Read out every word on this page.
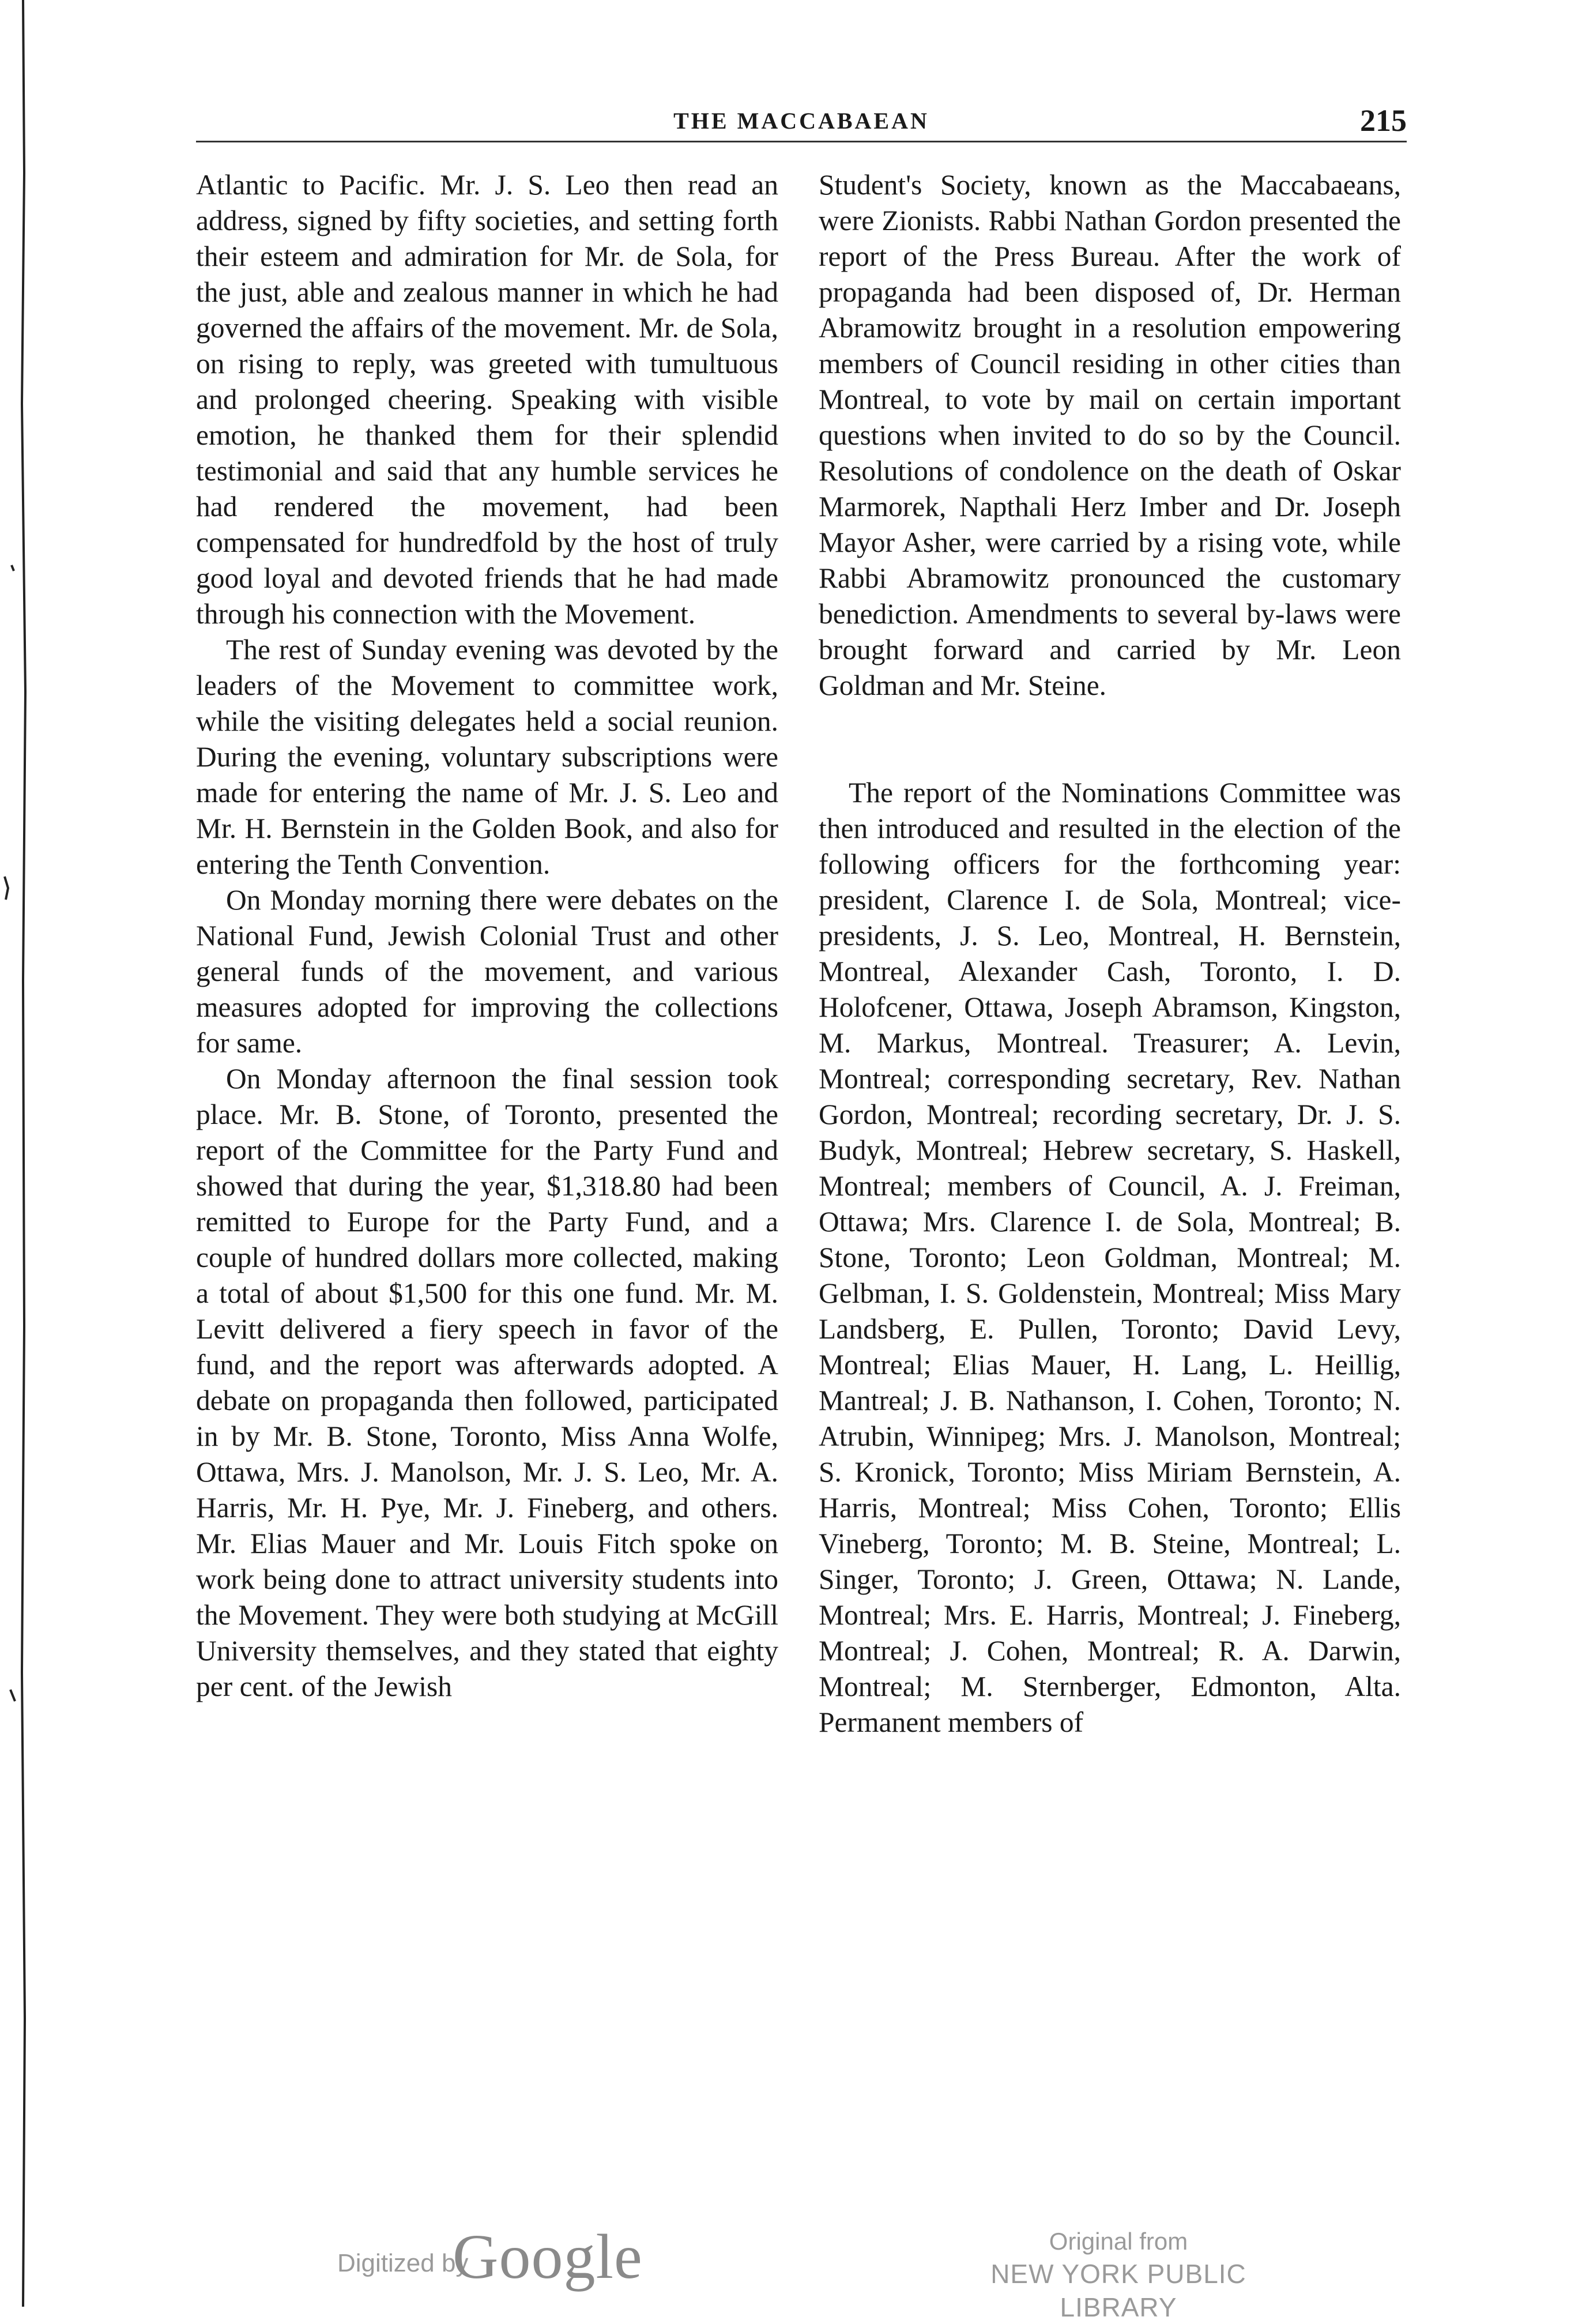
THE MACCABAEAN	215

Atlantic to Pacific. Mr. J. S. Leo then read an address, signed by fifty societies, and setting forth their esteem and admiration for Mr. de Sola, for the just, able and zealous manner in which he had governed the affairs of the movement. Mr. de Sola, on rising to reply, was greeted with tumultuous and prolonged cheering. Speaking with visible emotion, he thanked them for their splendid testimonial and said that any humble services he had rendered the movement, had been compensated for hundredfold by the host of truly good loyal and devoted friends that he had made through his connection with the Movement.

The rest of Sunday evening was devoted by the leaders of the Movement to committee work, while the visiting delegates held a social reunion. During the evening, voluntary subscriptions were made for entering the name of Mr. J. S. Leo and Mr. H. Bernstein in the Golden Book, and also for entering the Tenth Convention.

On Monday morning there were debates on the National Fund, Jewish Colonial Trust and other general funds of the movement, and various measures adopted for improving the collections for same.

On Monday afternoon the final session took place. Mr. B. Stone, of Toronto, presented the report of the Committee for the Party Fund and showed that during the year, $1,318.80 had been remitted to Europe for the Party Fund, and a couple of hundred dollars more collected, making a total of about $1,500 for this one fund. Mr. M. Levitt delivered a fiery speech in favor of the fund, and the report was afterwards adopted. A debate on propaganda then followed, participated in by Mr. B. Stone, Toronto, Miss Anna Wolfe, Ottawa, Mrs. J. Manolson, Mr. J. S. Leo, Mr. A. Harris, Mr. H. Pye, Mr. J. Fineberg, and others. Mr. Elias Mauer and Mr. Louis Fitch spoke on work being done to attract university students into the Movement. They were both studying at McGill University themselves, and they stated that eighty per cent. of the Jewish

Student's Society, known as the Maccabaeans, were Zionists. Rabbi Nathan Gordon presented the report of the Press Bureau. After the work of propaganda had been disposed of, Dr. Herman Abramowitz brought in a resolution empowering members of Council residing in other cities than Montreal, to vote by mail on certain important questions when invited to do so by the Council. Resolutions of condolence on the death of Oskar Marmorek, Napthali Herz Imber and Dr. Joseph Mayor Asher, were carried by a rising vote, while Rabbi Abramowitz pronounced the customary benediction. Amendments to several by-laws were brought forward and carried by Mr. Leon Goldman and Mr. Steine.

The report of the Nominations Committee was then introduced and resulted in the election of the following officers for the forthcoming year: president, Clarence I. de Sola, Montreal; vice-presidents, J. S. Leo, Montreal, H. Bernstein, Montreal, Alexander Cash, Toronto, I. D. Holofcener, Ottawa, Joseph Abramson, Kingston, M. Markus, Montreal. Treasurer; A. Levin, Montreal; corresponding secretary, Rev. Nathan Gordon, Montreal; recording secretary, Dr. J. S. Budyk, Montreal; Hebrew secretary, S. Haskell, Montreal; members of Council, A. J. Freiman, Ottawa; Mrs. Clarence I. de Sola, Montreal; B. Stone, Toronto; Leon Goldman, Montreal; M. Gelbman, I. S. Goldenstein, Montreal; Miss Mary Landsberg, E. Pullen, Toronto; David Levy, Montreal; Elias Mauer, H. Lang, L. Heillig, Mantreal; J. B. Nathanson, I. Cohen, Toronto; N. Atrubin, Winnipeg; Mrs. J. Manolson, Montreal; S. Kronick, Toronto; Miss Miriam Bernstein, A. Harris, Montreal; Miss Cohen, Toronto; Ellis Vineberg, Toronto; M. B. Steine, Montreal; L. Singer, Toronto; J. Green, Ottawa; N. Lande, Montreal; Mrs. E. Harris, Montreal; J. Fineberg, Montreal; J. Cohen, Montreal; R. A. Darwin, Montreal; M. Sternberger, Edmonton, Alta. Permanent members of

Digitized by
Google	Original from
NEW YORK PUBLIC LIBRARY
